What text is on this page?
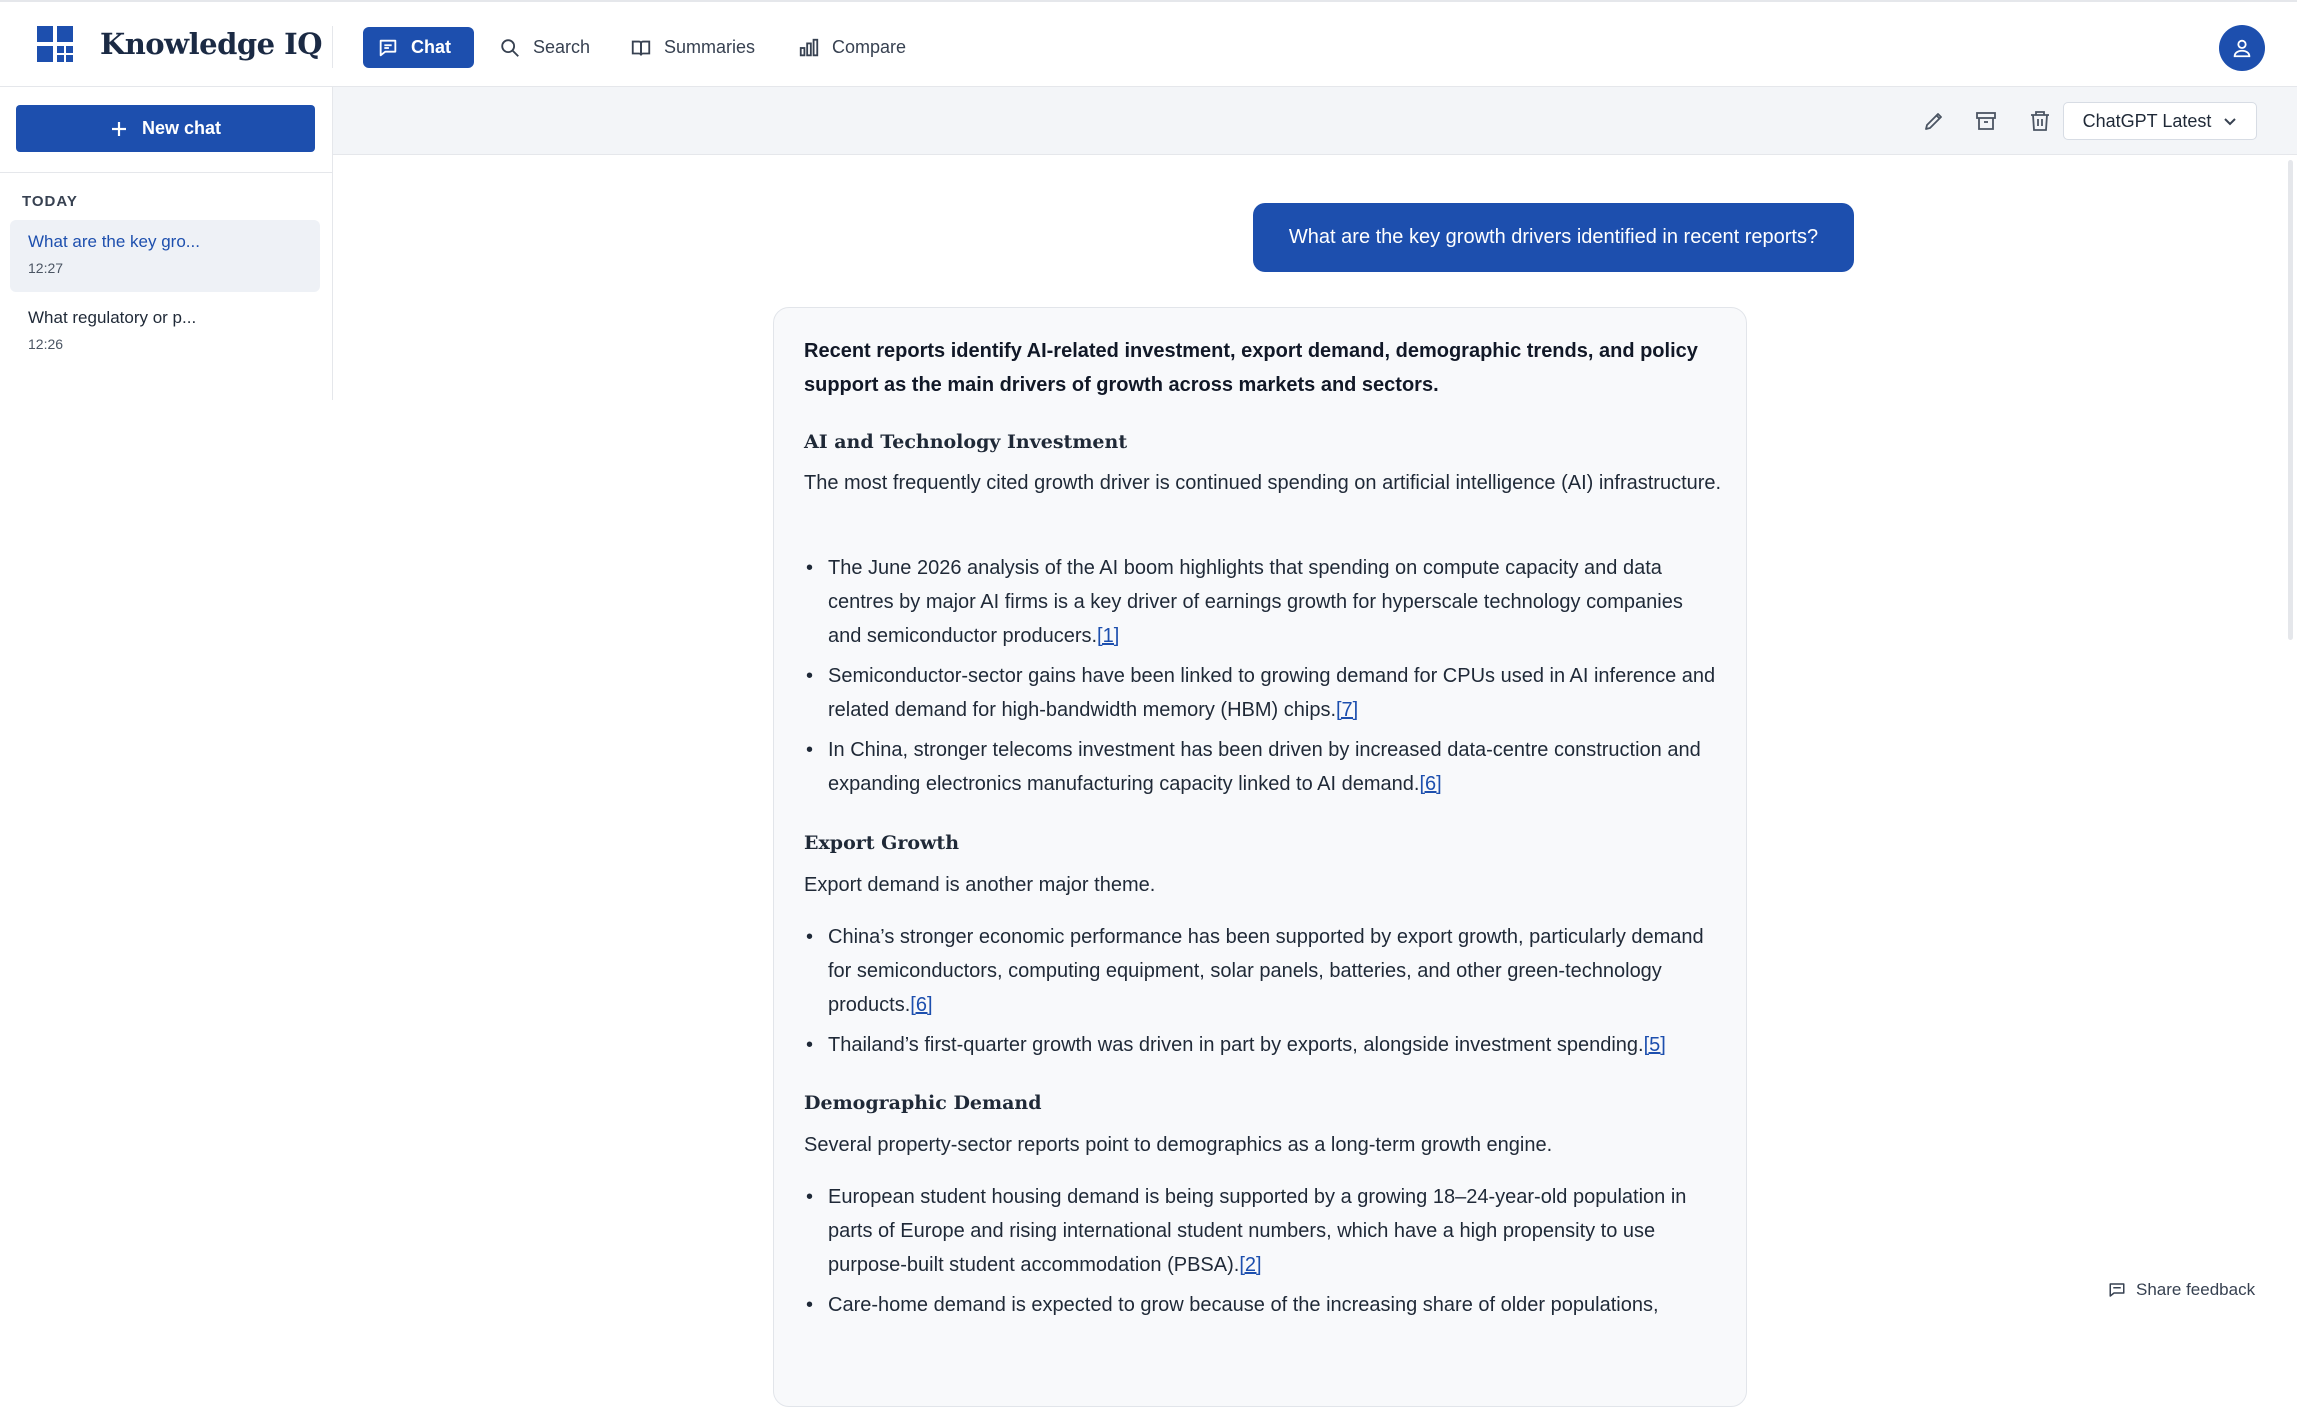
Knowledge IQ	Chat	Search	Summaries	Compare
New chat
TODAY
What are the key gro...
12:27
What regulatory or p...
12:26
ChatGPT Latest
What are the key growth drivers identified in recent reports?
Recent reports identify AI-related investment, export demand, demographic trends, and policy support as the main drivers of growth across markets and sectors.
AI and Technology Investment
The most frequently cited growth driver is continued spending on artificial intelligence (AI) infrastructure.
• The June 2026 analysis of the AI boom highlights that spending on compute capacity and data centres by major AI firms is a key driver of earnings growth for hyperscale technology companies and semiconductor producers.[1]
• Semiconductor-sector gains have been linked to growing demand for CPUs used in AI inference and related demand for high-bandwidth memory (HBM) chips.[7]
• In China, stronger telecoms investment has been driven by increased data-centre construction and expanding electronics manufacturing capacity linked to AI demand.[6]
Export Growth
Export demand is another major theme.
• China’s stronger economic performance has been supported by export growth, particularly demand for semiconductors, computing equipment, solar panels, batteries, and other green-technology products.[6]
• Thailand’s first-quarter growth was driven in part by exports, alongside investment spending.[5]
Demographic Demand
Several property-sector reports point to demographics as a long-term growth engine.
• European student housing demand is being supported by a growing 18–24-year-old population in parts of Europe and rising international student numbers, which have a high propensity to use purpose-built student accommodation (PBSA).[2]
• Care-home demand is expected to grow because of the increasing share of older populations,
Share feedback
